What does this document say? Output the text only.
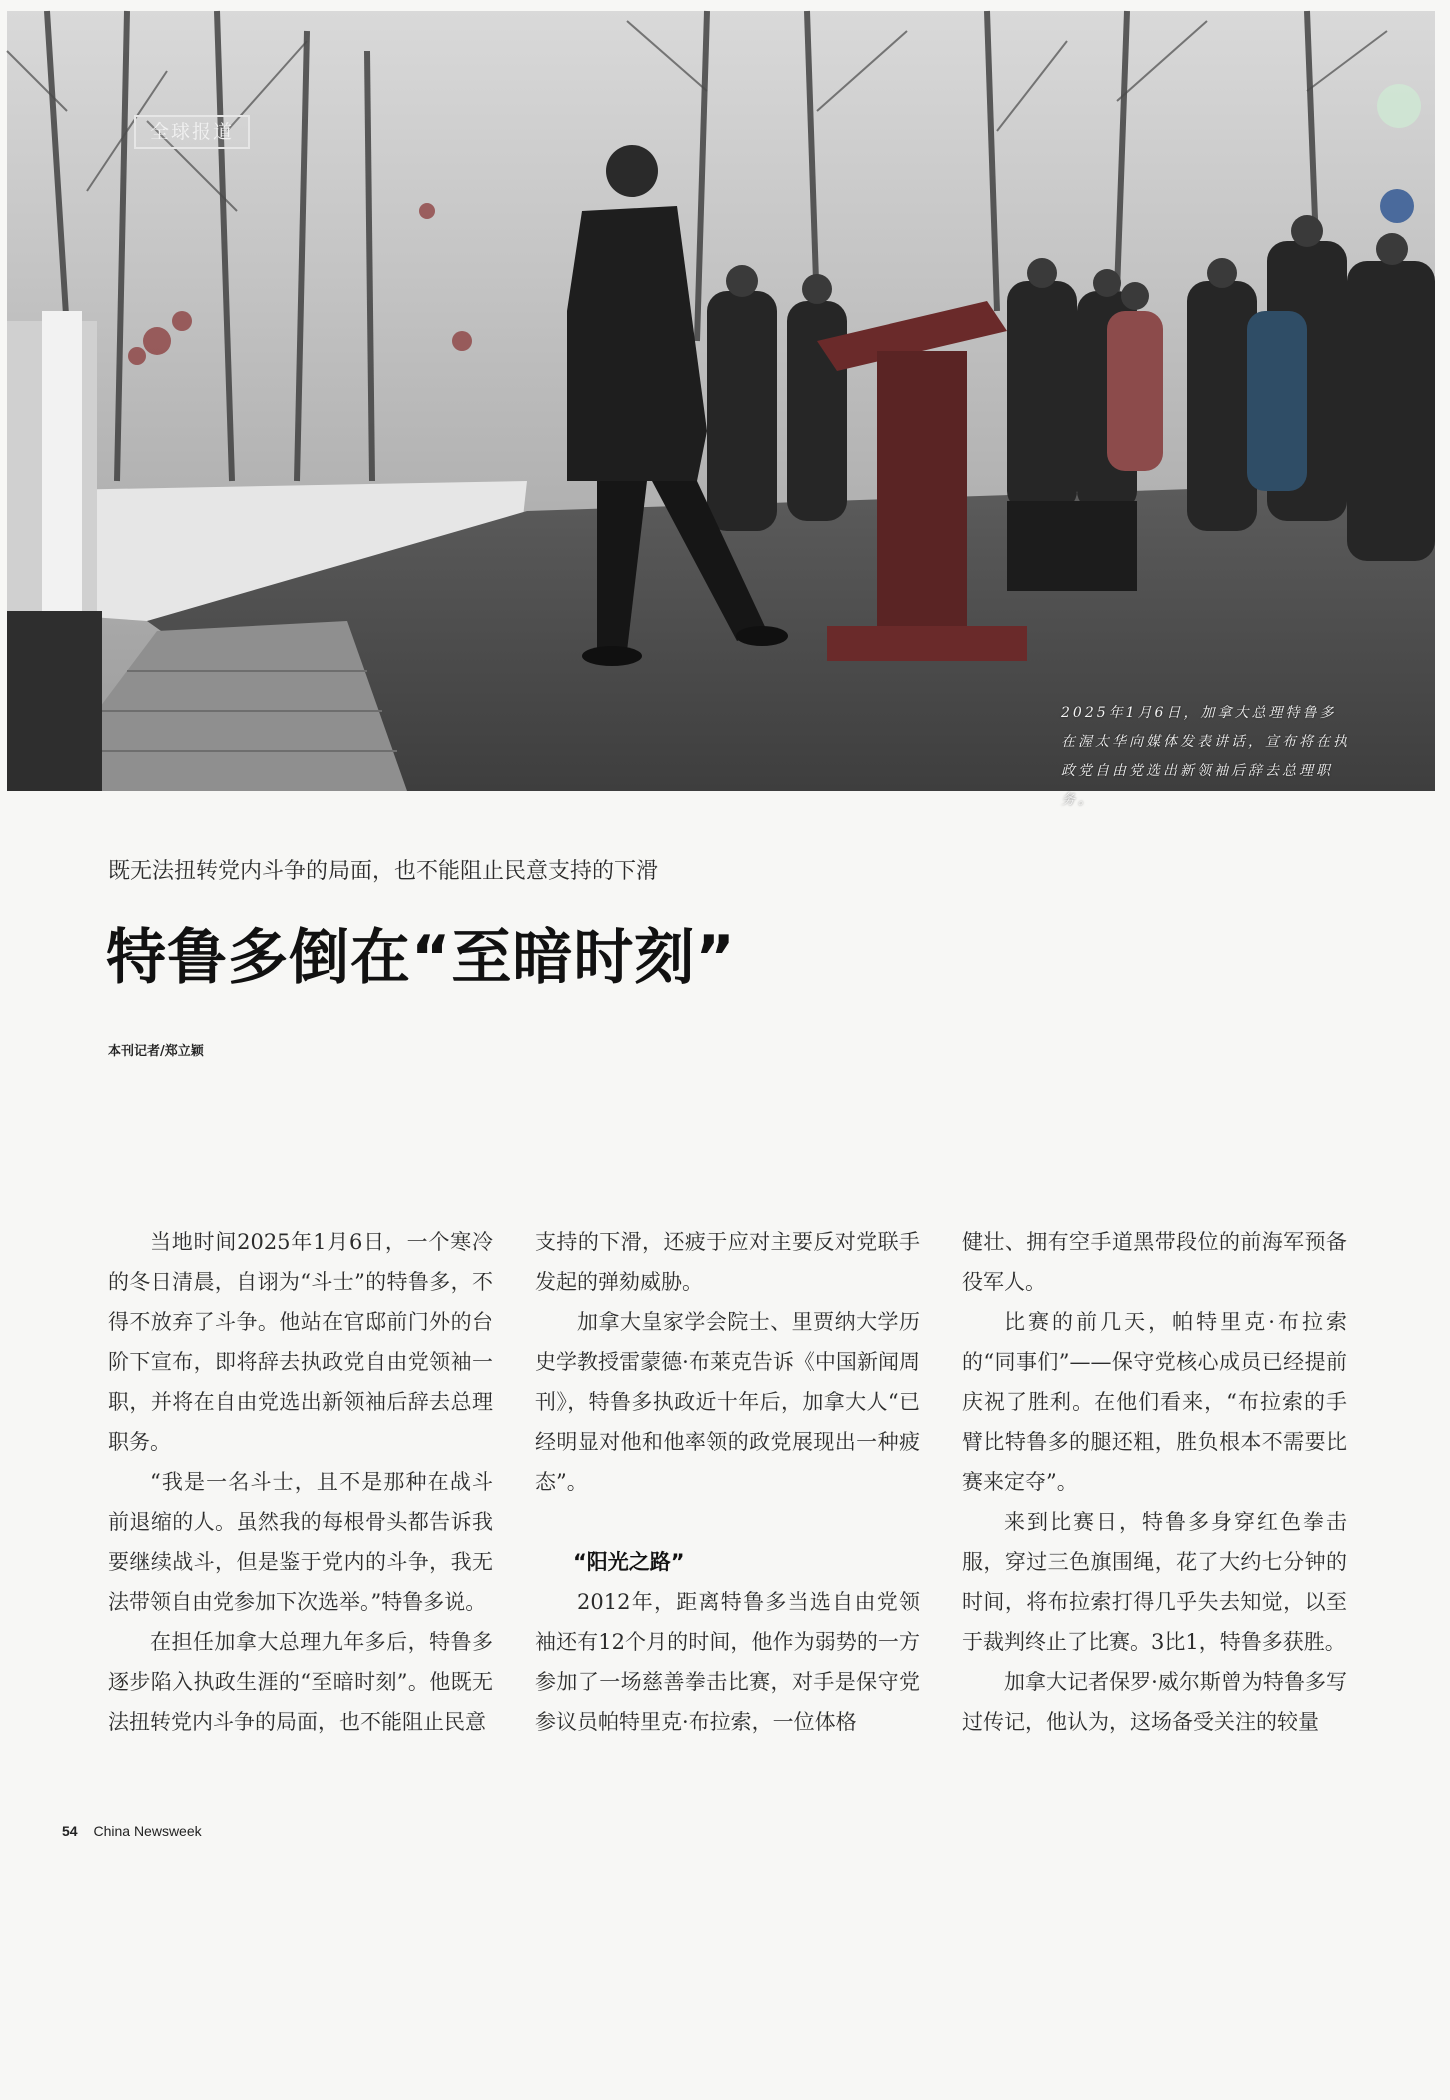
全球报道
2025年1月6日，加拿大总理特鲁多在渥太华向媒体发表讲话，宣布将在执政党自由党选出新领袖后辞去总理职务。
既无法扭转党内斗争的局面，也不能阻止民意支持的下滑
特鲁多倒在“至暗时刻”
本刊记者/郑立颖

当地时间2025年1月6日，一个寒冷的冬日清晨，自诩为“斗士”的特鲁多，不得不放弃了斗争。他站在官邸前门外的台阶下宣布，即将辞去执政党自由党领袖一职，并将在自由党选出新领袖后辞去总理职务。

“我是一名斗士，且不是那种在战斗前退缩的人。虽然我的每根骨头都告诉我要继续战斗，但是鉴于党内的斗争，我无法带领自由党参加下次选举。”特鲁多说。

在担任加拿大总理九年多后，特鲁多逐步陷入执政生涯的“至暗时刻”。他既无法扭转党内斗争的局面，也不能阻止民意

支持的下滑，还疲于应对主要反对党联手发起的弹劾威胁。

加拿大皇家学会院士、里贾纳大学历史学教授雷蒙德·布莱克告诉《中国新闻周刊》，特鲁多执政近十年后，加拿大人“已经明显对他和他率领的政党展现出一种疲态”。

“阳光之路”

2012年，距离特鲁多当选自由党领袖还有12个月的时间，他作为弱势的一方参加了一场慈善拳击比赛，对手是保守党参议员帕特里克·布拉索，一位体格

健壮、拥有空手道黑带段位的前海军预备役军人。

比赛的前几天，帕特里克·布拉索的“同事们”——保守党核心成员已经提前庆祝了胜利。在他们看来，“布拉索的手臂比特鲁多的腿还粗，胜负根本不需要比赛来定夺”。

来到比赛日，特鲁多身穿红色拳击服，穿过三色旗围绳，花了大约七分钟的时间，将布拉索打得几乎失去知觉，以至于裁判终止了比赛。3比1，特鲁多获胜。

加拿大记者保罗·威尔斯曾为特鲁多写过传记，他认为，这场备受关注的较量

54 China Newsweek
